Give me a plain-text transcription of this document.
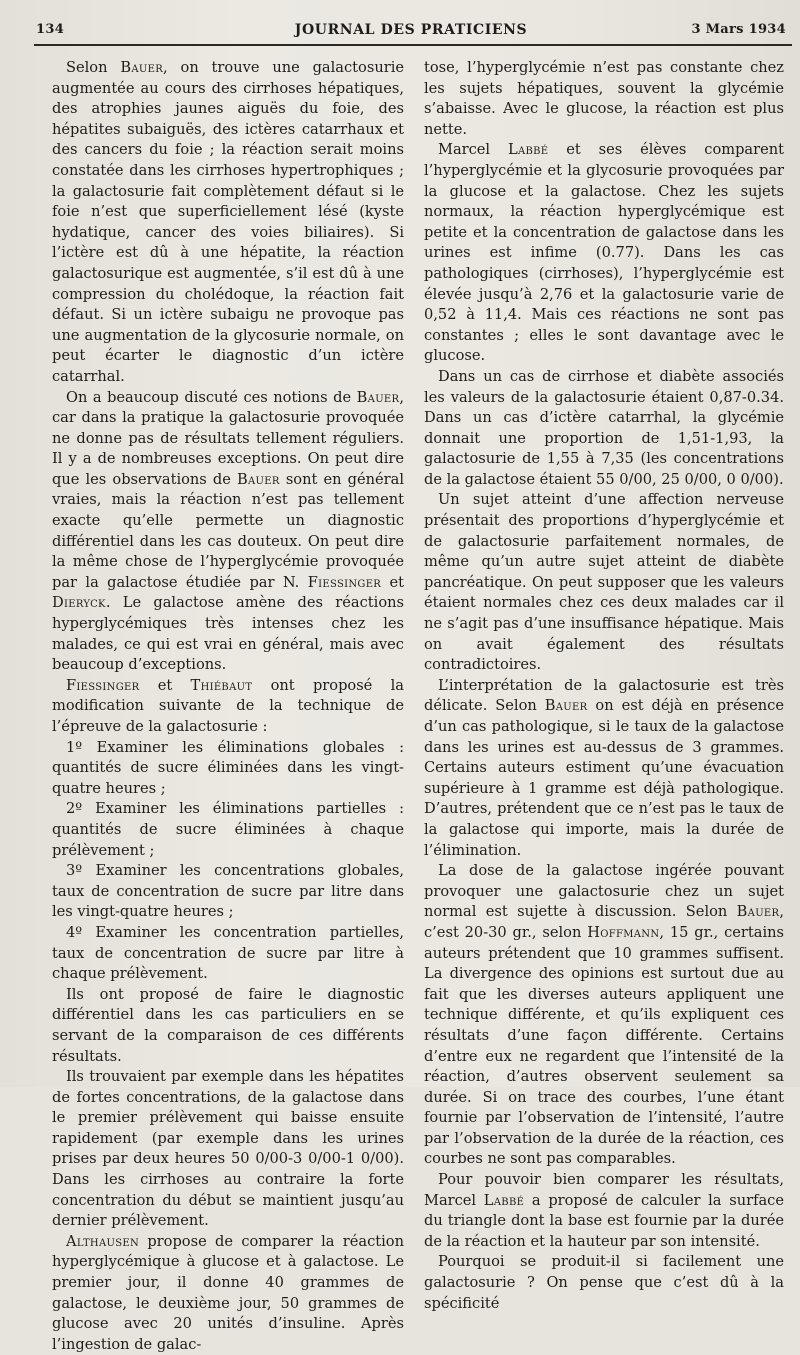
134	JOURNAL DES PRATICIENS	3 Mars 1934

Selon Bauer, on trouve une galactosurie augmentée au cours des cirrhoses hépatiques, des atrophies jaunes aiguës du foie, des hépatites subaiguës, des ictères catarrhaux et des cancers du foie ; la réaction serait moins constatée dans les cirrhoses hypertrophiques ; la galactosurie fait complètement défaut si le foie n’est que superficiellement lésé (kyste hydatique, cancer des voies biliaires). Si l’ictère est dû à une hépatite, la réaction galactosurique est augmentée, s’il est dû à une compression du cholédoque, la réaction fait défaut. Si un ictère subaigu ne provoque pas une augmentation de la glycosurie normale, on peut écarter le diagnostic d’un ictère catarrhal.

On a beaucoup discuté ces notions de Bauer, car dans la pratique la galactosurie provoquée ne donne pas de résultats tellement réguliers. Il y a de nombreuses exceptions. On peut dire que les observations de Bauer sont en général vraies, mais la réaction n’est pas tellement exacte qu’elle permette un diagnostic différentiel dans les cas douteux. On peut dire la même chose de l’hyperglycémie provoquée par la galactose étudiée par N. Fiessinger et Dieryck. Le galactose amène des réactions hyperglycémiques très intenses chez les malades, ce qui est vrai en général, mais avec beaucoup d’exceptions.

Fiessinger et Thiébaut ont proposé la modification suivante de la technique de l’épreuve de la galactosurie :

1º Examiner les éliminations globales : quantités de sucre éliminées dans les vingt-quatre heures ;

2º Examiner les éliminations partielles : quantités de sucre éliminées à chaque prélèvement ;

3º Examiner les concentrations globales, taux de concentration de sucre par litre dans les vingt-quatre heures ;

4º Examiner les concentration partielles, taux de concentration de sucre par litre à chaque prélèvement.

Ils ont proposé de faire le diagnostic différentiel dans les cas particuliers en se servant de la comparaison de ces différents résultats.

Ils trouvaient par exemple dans les hépatites de fortes concentrations, de la galactose dans le premier prélèvement qui baisse ensuite rapidement (par exemple dans les urines prises par deux heures 50 0/00-3 0/00-1 0/00). Dans les cirrhoses au contraire la forte concentration du début se maintient jusqu’au dernier prélèvement.

Althausen propose de comparer la réaction hyperglycémique à glucose et à galactose. Le premier jour, il donne 40 grammes de galactose, le deuxième jour, 50 grammes de glucose avec 20 unités d’insuline. Après l’ingestion de galac-

tose, l’hyperglycémie n’est pas constante chez les sujets hépatiques, souvent la glycémie s’abaisse. Avec le glucose, la réaction est plus nette.

Marcel Labbé et ses élèves comparent l’hyperglycémie et la glycosurie provoquées par la glucose et la galactose. Chez les sujets normaux, la réaction hyperglycémique est petite et la concentration de galactose dans les urines est infime (0.77). Dans les cas pathologiques (cirrhoses), l’hyperglycémie est élevée jusqu’à 2,76 et la galactosurie varie de 0,52 à 11,4. Mais ces réactions ne sont pas constantes ; elles le sont davantage avec le glucose.

Dans un cas de cirrhose et diabète associés les valeurs de la galactosurie étaient 0,87-0.34. Dans un cas d’ictère catarrhal, la glycémie donnait une proportion de 1,51-1,93, la galactosurie de 1,55 à 7,35 (les concentrations de la galactose étaient 55 0/00, 25 0/00, 0 0/00).

Un sujet atteint d’une affection nerveuse présentait des proportions d’hyperglycémie et de galactosurie parfaitement normales, de même qu’un autre sujet atteint de diabète pancréatique. On peut supposer que les valeurs étaient normales chez ces deux malades car il ne s’agit pas d’une insuffisance hépatique. Mais on avait également des résultats contradictoires.

L’interprétation de la galactosurie est très délicate. Selon Bauer on est déjà en présence d’un cas pathologique, si le taux de la galactose dans les urines est au-dessus de 3 grammes. Certains auteurs estiment qu’une évacuation supérieure à 1 gramme est déjà pathologique. D’autres, prétendent que ce n’est pas le taux de la galactose qui importe, mais la durée de l’élimination.

La dose de la galactose ingérée pouvant provoquer une galactosurie chez un sujet normal est sujette à discussion. Selon Bauer, c’est 20-30 gr., selon Hoffmann, 15 gr., certains auteurs prétendent que 10 grammes suffisent. La divergence des opinions est surtout due au fait que les diverses auteurs appliquent une technique différente, et qu’ils expliquent ces résultats d’une façon différente. Certains d’entre eux ne regardent que l’intensité de la réaction, d’autres observent seulement sa durée. Si on trace des courbes, l’une étant fournie par l’observation de l’intensité, l’autre par l’observation de la durée de la réaction, ces courbes ne sont pas comparables.

Pour pouvoir bien comparer les résultats, Marcel Labbé a proposé de calculer la surface du triangle dont la base est fournie par la durée de la réaction et la hauteur par son intensité.

Pourquoi se produit-il si facilement une galactosurie ? On pense que c’est dû à la spécificité
